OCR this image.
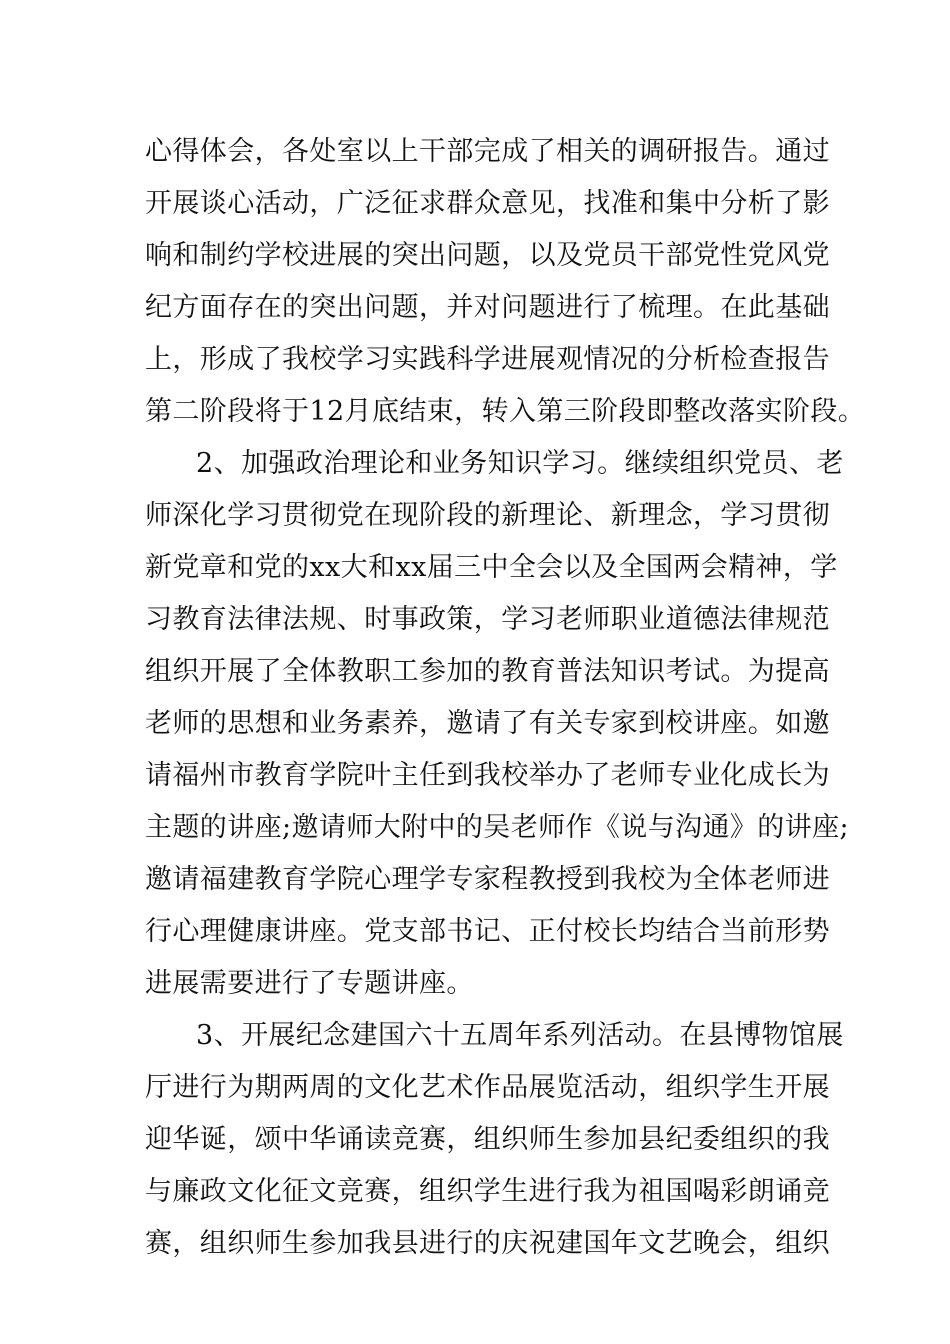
心得体会，各处室以上干部完成了相关的调研报告。通过
开展谈心活动，广泛征求群众意见，找准和集中分析了影
响和制约学校进展的突出问题，以及党员干部党性党风党
纪方面存在的突出问题，并对问题进行了梳理。在此基础
上，形成了我校学习实践科学进展观情况的分析检查报告
第二阶段将于12月底结束，转入第三阶段即整改落实阶段。
2、加强政治理论和业务知识学习。继续组织党员、老
师深化学习贯彻党在现阶段的新理论、新理念，学习贯彻
新党章和党的xx大和xx届三中全会以及全国两会精神，学
习教育法律法规、时事政策，学习老师职业道德法律规范
组织开展了全体教职工参加的教育普法知识考试。为提高
老师的思想和业务素养，邀请了有关专家到校讲座。如邀
请福州市教育学院叶主任到我校举办了老师专业化成长为
主题的讲座;邀请师大附中的吴老师作《说与沟通》的讲座;
邀请福建教育学院心理学专家程教授到我校为全体老师进
行心理健康讲座。党支部书记、正付校长均结合当前形势
进展需要进行了专题讲座。
3、开展纪念建国六十五周年系列活动。在县博物馆展
厅进行为期两周的文化艺术作品展览活动，组织学生开展
迎华诞，颂中华诵读竞赛，组织师生参加县纪委组织的我
与廉政文化征文竞赛，组织学生进行我为祖国喝彩朗诵竞
赛，组织师生参加我县进行的庆祝建国年文艺晚会，组织
